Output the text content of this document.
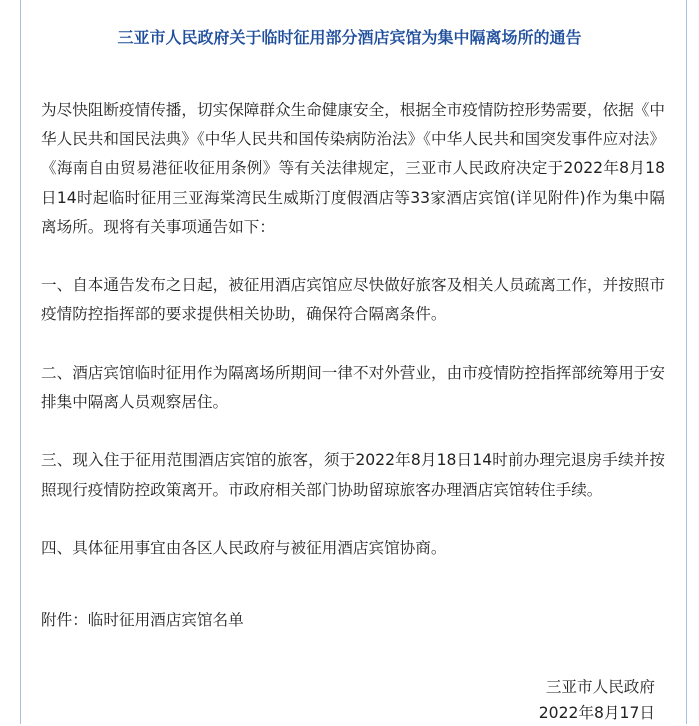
三亚市人民政府关于临时征用部分酒店宾馆为集中隔离场所的通告

为尽快阻断疫情传播，切实保障群众生命健康安全，根据全市疫情防控形势需要，依据《中华人民共和国民法典》《中华人民共和国传染病防治法》《中华人民共和国突发事件应对法》《海南自由贸易港征收征用条例》等有关法律规定，三亚市人民政府决定于2022年8月18日14时起临时征用三亚海棠湾民生威斯汀度假酒店等33家酒店宾馆(详见附件)作为集中隔离场所。现将有关事项通告如下：

一、自本通告发布之日起，被征用酒店宾馆应尽快做好旅客及相关人员疏离工作，并按照市疫情防控指挥部的要求提供相关协助，确保符合隔离条件。

二、酒店宾馆临时征用作为隔离场所期间一律不对外营业，由市疫情防控指挥部统筹用于安排集中隔离人员观察居住。

三、现入住于征用范围酒店宾馆的旅客，须于2022年8月18日14时前办理完退房手续并按照现行疫情防控政策离开。市政府相关部门协助留琼旅客办理酒店宾馆转住手续。

四、具体征用事宜由各区人民政府与被征用酒店宾馆协商。

附件：临时征用酒店宾馆名单

三亚市人民政府
2022年8月17日
